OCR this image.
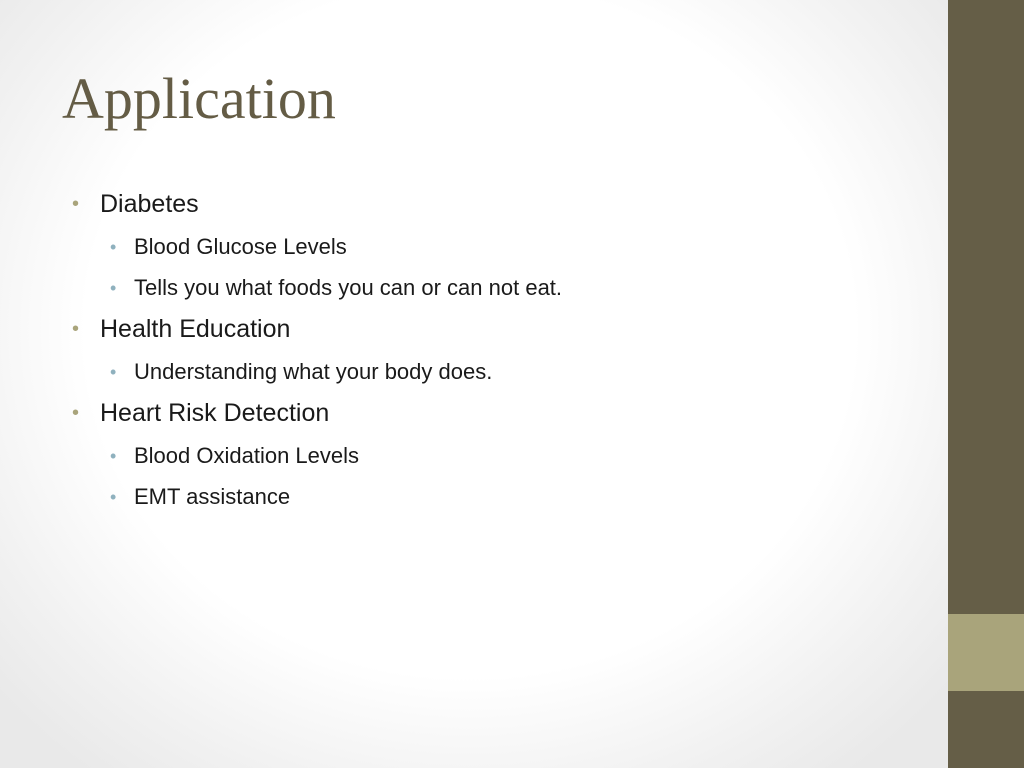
Application
• Diabetes
• Blood Glucose Levels
• Tells you what foods you can or can not eat.
• Health Education
• Understanding what your body does.
• Heart Risk Detection
• Blood Oxidation Levels
• EMT assistance
